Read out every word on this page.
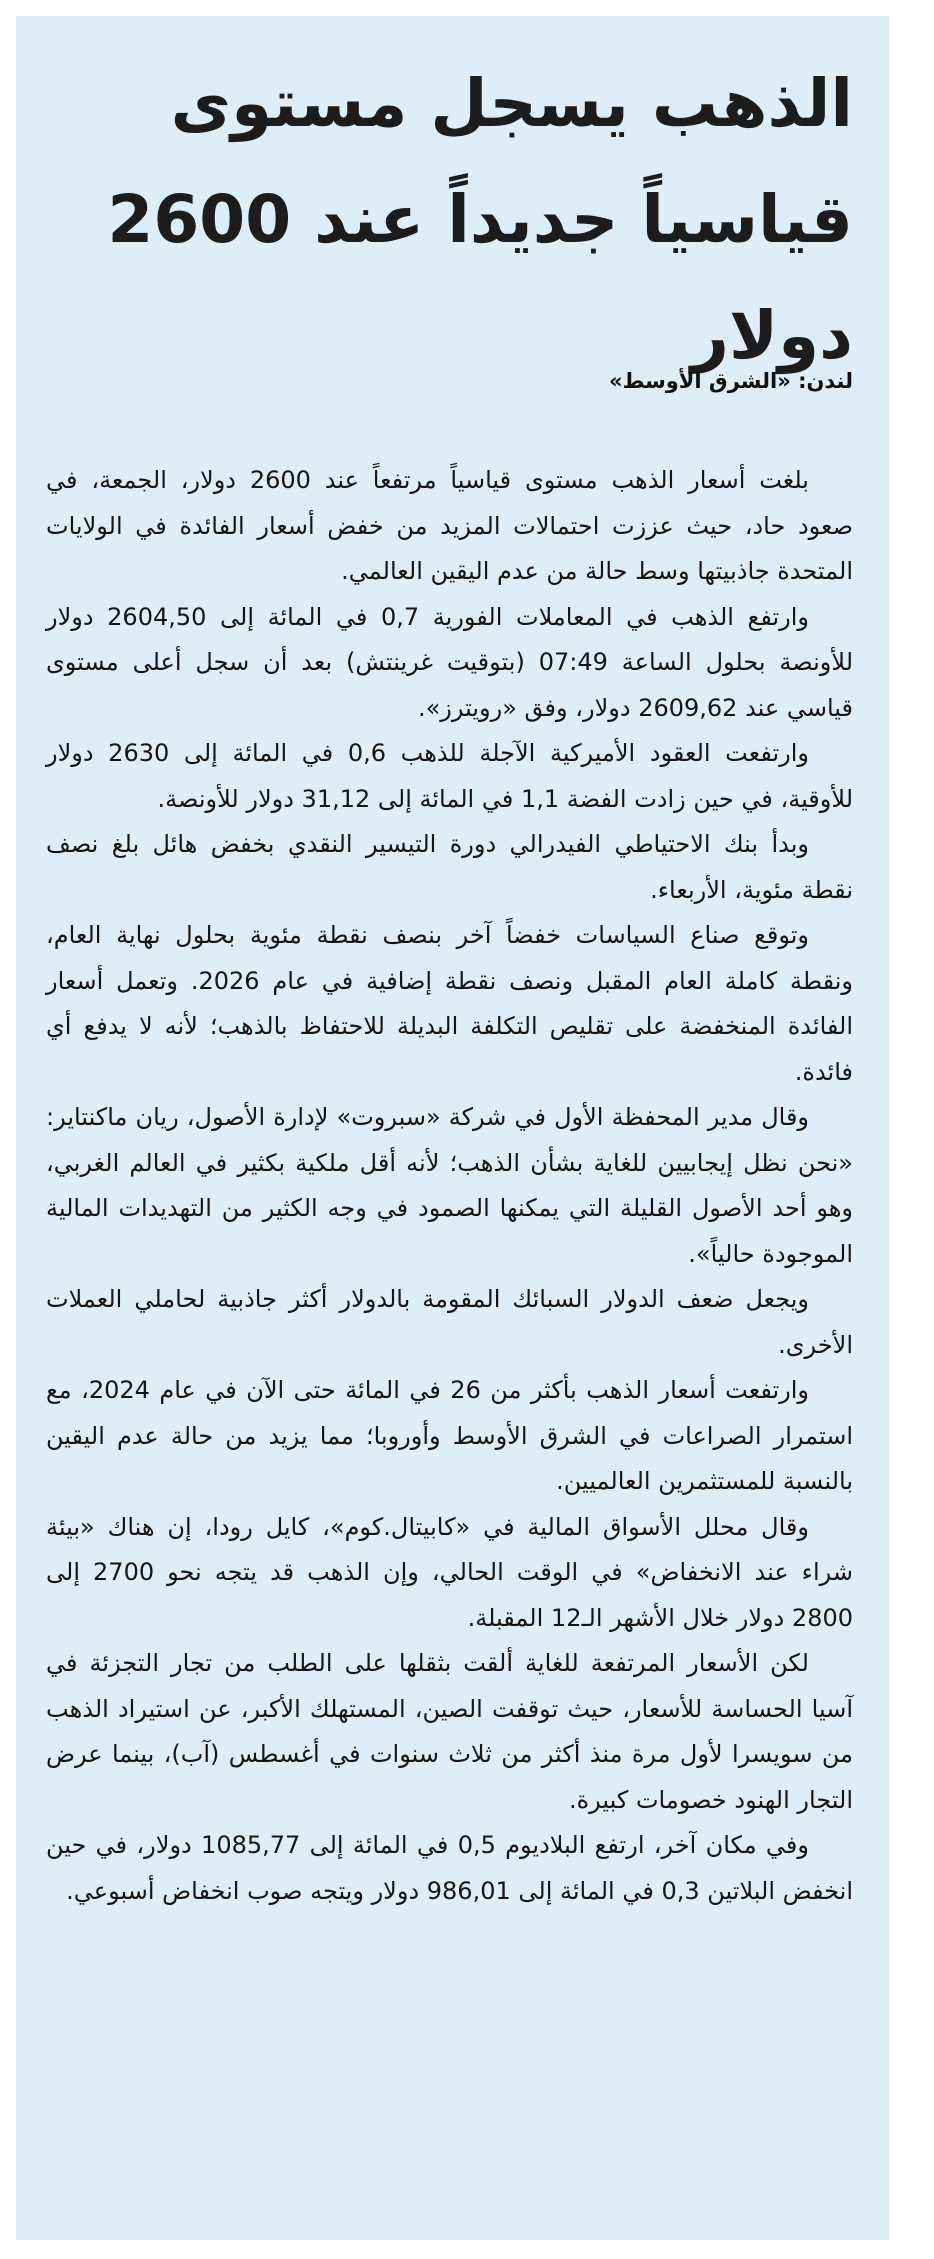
الذهب يسجل مستوى قياسياً جديداً عند 2600 دولار
لندن: «الشرق الأوسط»

بلغت أسعار الذهب مستوى قياسياً مرتفعاً عند 2600 دولار، الجمعة، في صعود حاد، حيث عززت احتمالات المزيد من خفض أسعار الفائدة في الولايات المتحدة جاذبيتها وسط حالة من عدم اليقين العالمي.

وارتفع الذهب في المعاملات الفورية 0,7 في المائة إلى 2604,50 دولار للأونصة بحلول الساعة 07:49 (بتوقيت غرينتش) بعد أن سجل أعلى مستوى قياسي عند 2609,62 دولار، وفق «رويترز».

وارتفعت العقود الأميركية الآجلة للذهب 0,6 في المائة إلى 2630 دولار للأوقية، في حين زادت الفضة 1,1 في المائة إلى 31,12 دولار للأونصة.

وبدأ بنك الاحتياطي الفيدرالي دورة التيسير النقدي بخفض هائل بلغ نصف نقطة مئوية، الأربعاء.

وتوقع صناع السياسات خفضاً آخر بنصف نقطة مئوية بحلول نهاية العام، ونقطة كاملة العام المقبل ونصف نقطة إضافية في عام 2026. وتعمل أسعار الفائدة المنخفضة على تقليص التكلفة البديلة للاحتفاظ بالذهب؛ لأنه لا يدفع أي فائدة.

وقال مدير المحفظة الأول في شركة «سبروت» لإدارة الأصول، ريان ماكنتاير: «نحن نظل إيجابيين للغاية بشأن الذهب؛ لأنه أقل ملكية بكثير في العالم الغربي، وهو أحد الأصول القليلة التي يمكنها الصمود في وجه الكثير من التهديدات المالية الموجودة حالياً».

ويجعل ضعف الدولار السبائك المقومة بالدولار أكثر جاذبية لحاملي العملات الأخرى.

وارتفعت أسعار الذهب بأكثر من 26 في المائة حتى الآن في عام 2024، مع استمرار الصراعات في الشرق الأوسط وأوروبا؛ مما يزيد من حالة عدم اليقين بالنسبة للمستثمرين العالميين.

وقال محلل الأسواق المالية في «كابيتال.كوم»، كايل رودا، إن هناك «بيئة شراء عند الانخفاض» في الوقت الحالي، وإن الذهب قد يتجه نحو 2700 إلى 2800 دولار خلال الأشهر الـ12 المقبلة.

لكن الأسعار المرتفعة للغاية ألقت بثقلها على الطلب من تجار التجزئة في آسيا الحساسة للأسعار، حيث توقفت الصين، المستهلك الأكبر، عن استيراد الذهب من سويسرا لأول مرة منذ أكثر من ثلاث سنوات في أغسطس (آب)، بينما عرض التجار الهنود خصومات كبيرة.

وفي مكان آخر، ارتفع البلاديوم 0,5 في المائة إلى 1085,77 دولار، في حين انخفض البلاتين 0,3 في المائة إلى 986,01 دولار ويتجه صوب انخفاض أسبوعي.
